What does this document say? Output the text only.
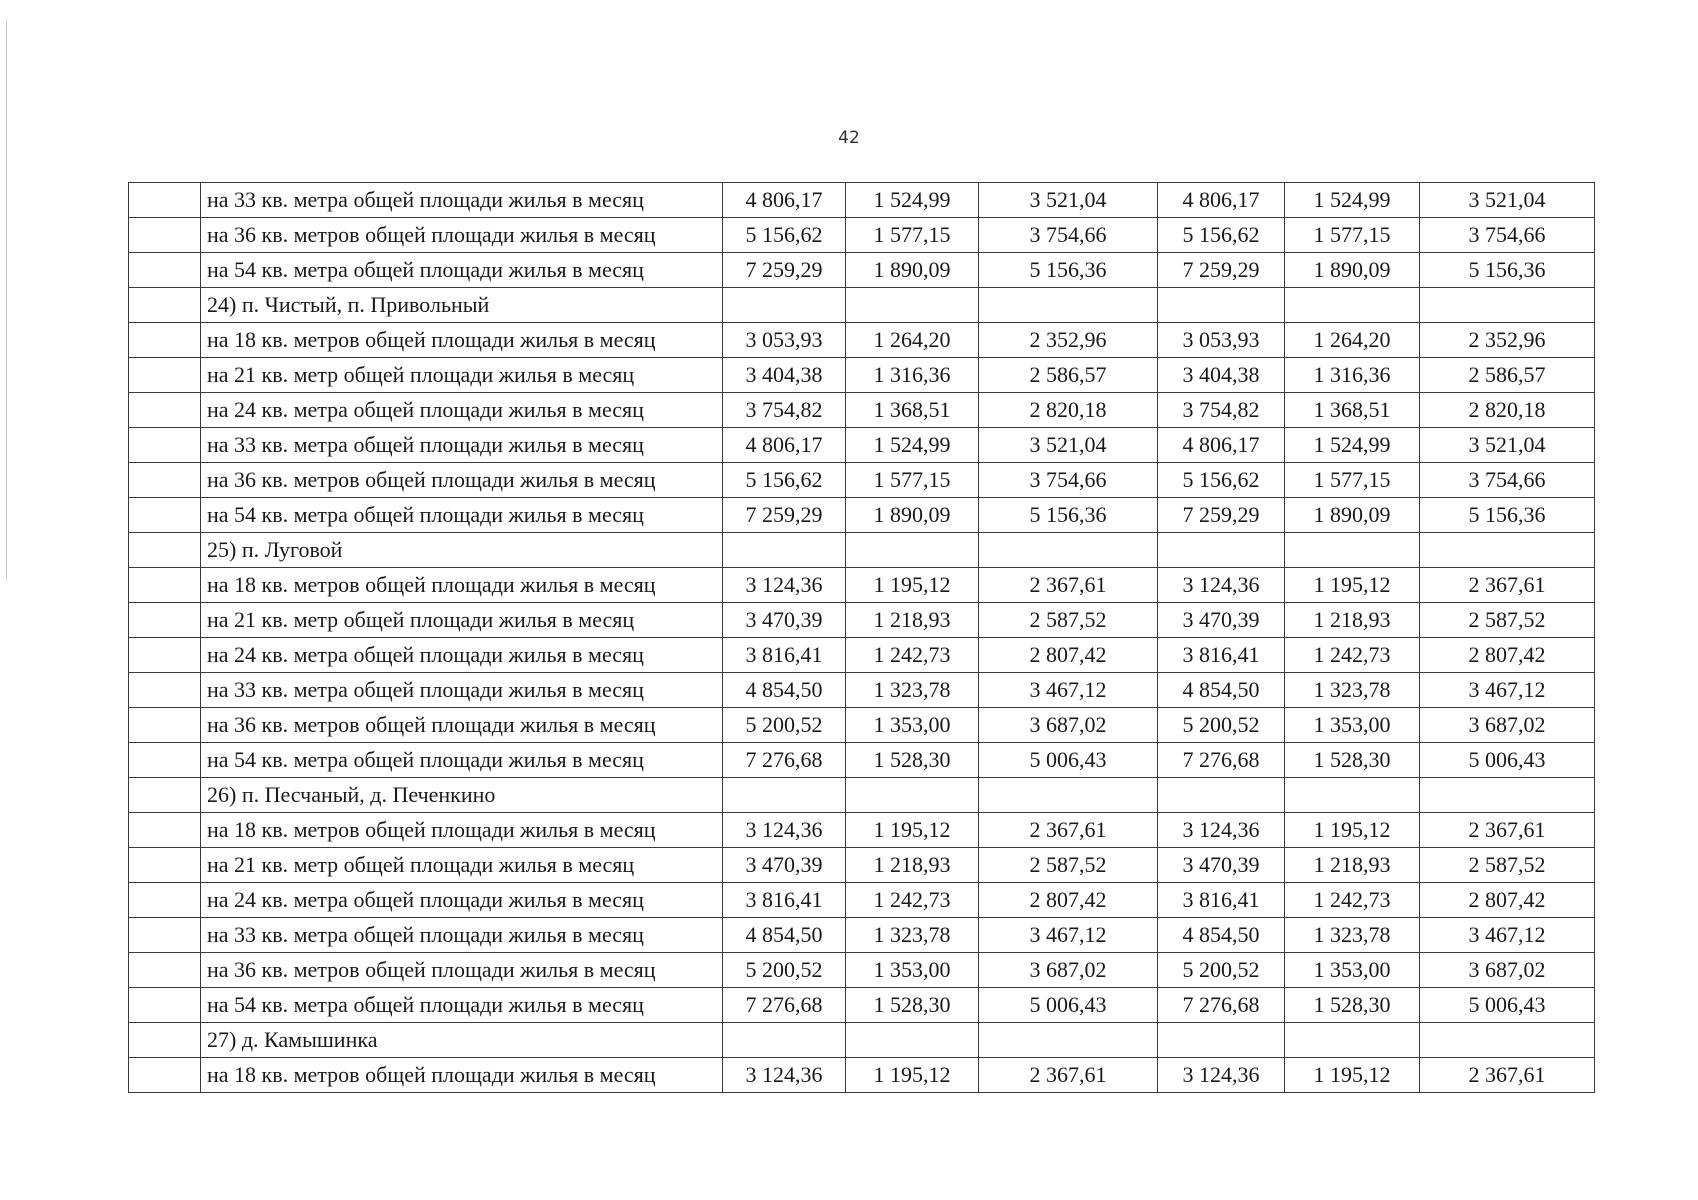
42
	на 33 кв. метра общей площади жилья в месяц	4 806,17	1 524,99	3 521,04	4 806,17	1 524,99	3 521,04
	на 36 кв. метров общей площади жилья в месяц	5 156,62	1 577,15	3 754,66	5 156,62	1 577,15	3 754,66
	на 54 кв. метра общей площади жилья в месяц	7 259,29	1 890,09	5 156,36	7 259,29	1 890,09	5 156,36
	24) п. Чистый, п. Привольный						
	на 18 кв. метров общей площади жилья в месяц	3 053,93	1 264,20	2 352,96	3 053,93	1 264,20	2 352,96
	на 21 кв. метр общей площади жилья в месяц	3 404,38	1 316,36	2 586,57	3 404,38	1 316,36	2 586,57
	на 24 кв. метра общей площади жилья в месяц	3 754,82	1 368,51	2 820,18	3 754,82	1 368,51	2 820,18
	на 33 кв. метра общей площади жилья в месяц	4 806,17	1 524,99	3 521,04	4 806,17	1 524,99	3 521,04
	на 36 кв. метров общей площади жилья в месяц	5 156,62	1 577,15	3 754,66	5 156,62	1 577,15	3 754,66
	на 54 кв. метра общей площади жилья в месяц	7 259,29	1 890,09	5 156,36	7 259,29	1 890,09	5 156,36
	25) п. Луговой						
	на 18 кв. метров общей площади жилья в месяц	3 124,36	1 195,12	2 367,61	3 124,36	1 195,12	2 367,61
	на 21 кв. метр общей площади жилья в месяц	3 470,39	1 218,93	2 587,52	3 470,39	1 218,93	2 587,52
	на 24 кв. метра общей площади жилья в месяц	3 816,41	1 242,73	2 807,42	3 816,41	1 242,73	2 807,42
	на 33 кв. метра общей площади жилья в месяц	4 854,50	1 323,78	3 467,12	4 854,50	1 323,78	3 467,12
	на 36 кв. метров общей площади жилья в месяц	5 200,52	1 353,00	3 687,02	5 200,52	1 353,00	3 687,02
	на 54 кв. метра общей площади жилья в месяц	7 276,68	1 528,30	5 006,43	7 276,68	1 528,30	5 006,43
	26) п. Песчаный, д. Печенкино						
	на 18 кв. метров общей площади жилья в месяц	3 124,36	1 195,12	2 367,61	3 124,36	1 195,12	2 367,61
	на 21 кв. метр общей площади жилья в месяц	3 470,39	1 218,93	2 587,52	3 470,39	1 218,93	2 587,52
	на 24 кв. метра общей площади жилья в месяц	3 816,41	1 242,73	2 807,42	3 816,41	1 242,73	2 807,42
	на 33 кв. метра общей площади жилья в месяц	4 854,50	1 323,78	3 467,12	4 854,50	1 323,78	3 467,12
	на 36 кв. метров общей площади жилья в месяц	5 200,52	1 353,00	3 687,02	5 200,52	1 353,00	3 687,02
	на 54 кв. метра общей площади жилья в месяц	7 276,68	1 528,30	5 006,43	7 276,68	1 528,30	5 006,43
	27) д. Камышинка						
	на 18 кв. метров общей площади жилья в месяц	3 124,36	1 195,12	2 367,61	3 124,36	1 195,12	2 367,61
